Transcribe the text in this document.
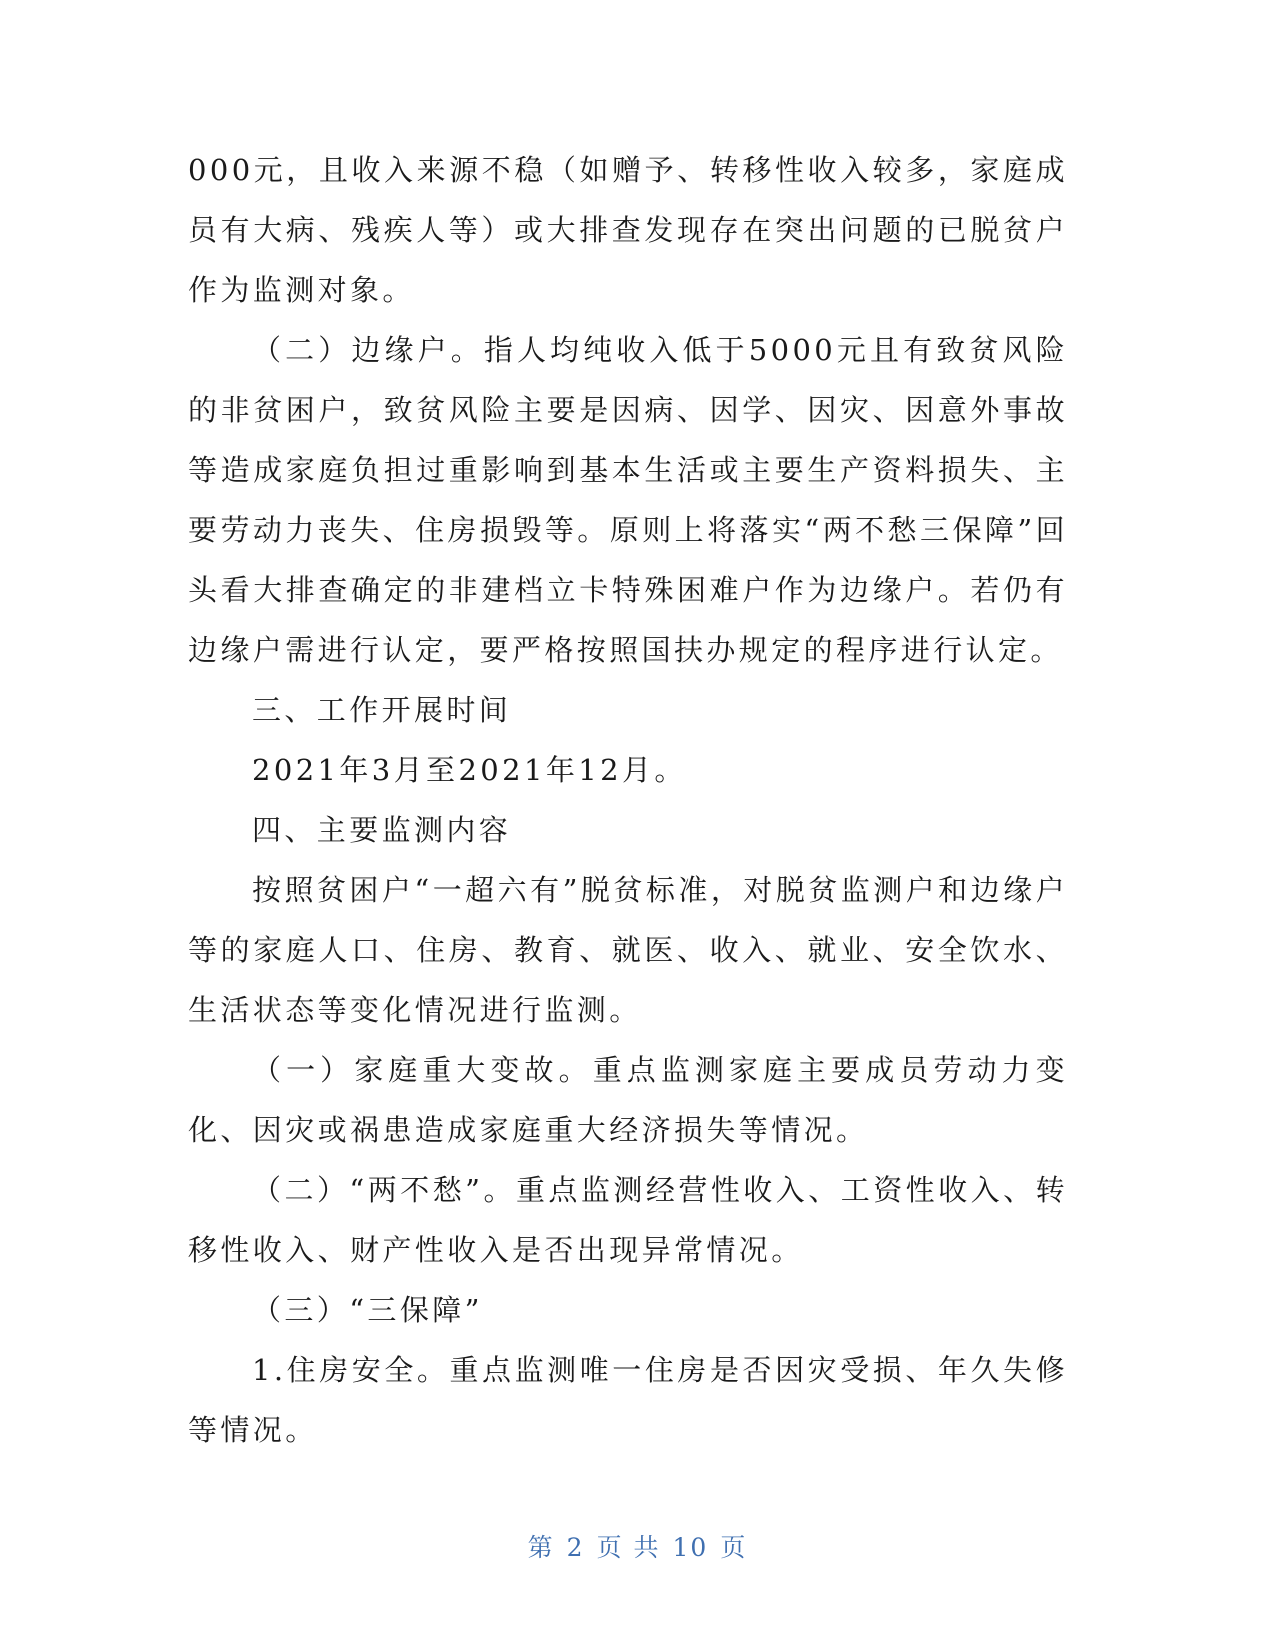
000元，且收入来源不稳（如赠予、转移性收入较多，家庭成员有大病、残疾人等）或大排查发现存在突出问题的已脱贫户作为监测对象。

（二）边缘户。指人均纯收入低于5000元且有致贫风险的非贫困户，致贫风险主要是因病、因学、因灾、因意外事故等造成家庭负担过重影响到基本生活或主要生产资料损失、主要劳动力丧失、住房损毁等。原则上将落实“两不愁三保障”回头看大排查确定的非建档立卡特殊困难户作为边缘户。若仍有边缘户需进行认定，要严格按照国扶办规定的程序进行认定。

三、工作开展时间

2021年3月至2021年12月。

四、主要监测内容

按照贫困户“一超六有”脱贫标准，对脱贫监测户和边缘户等的家庭人口、住房、教育、就医、收入、就业、安全饮水、生活状态等变化情况进行监测。

（一）家庭重大变故。重点监测家庭主要成员劳动力变化、因灾或祸患造成家庭重大经济损失等情况。

（二）“两不愁”。重点监测经营性收入、工资性收入、转移性收入、财产性收入是否出现异常情况。

（三）“三保障”

1.住房安全。重点监测唯一住房是否因灾受损、年久失修等情况。

第 2 页 共 10 页
